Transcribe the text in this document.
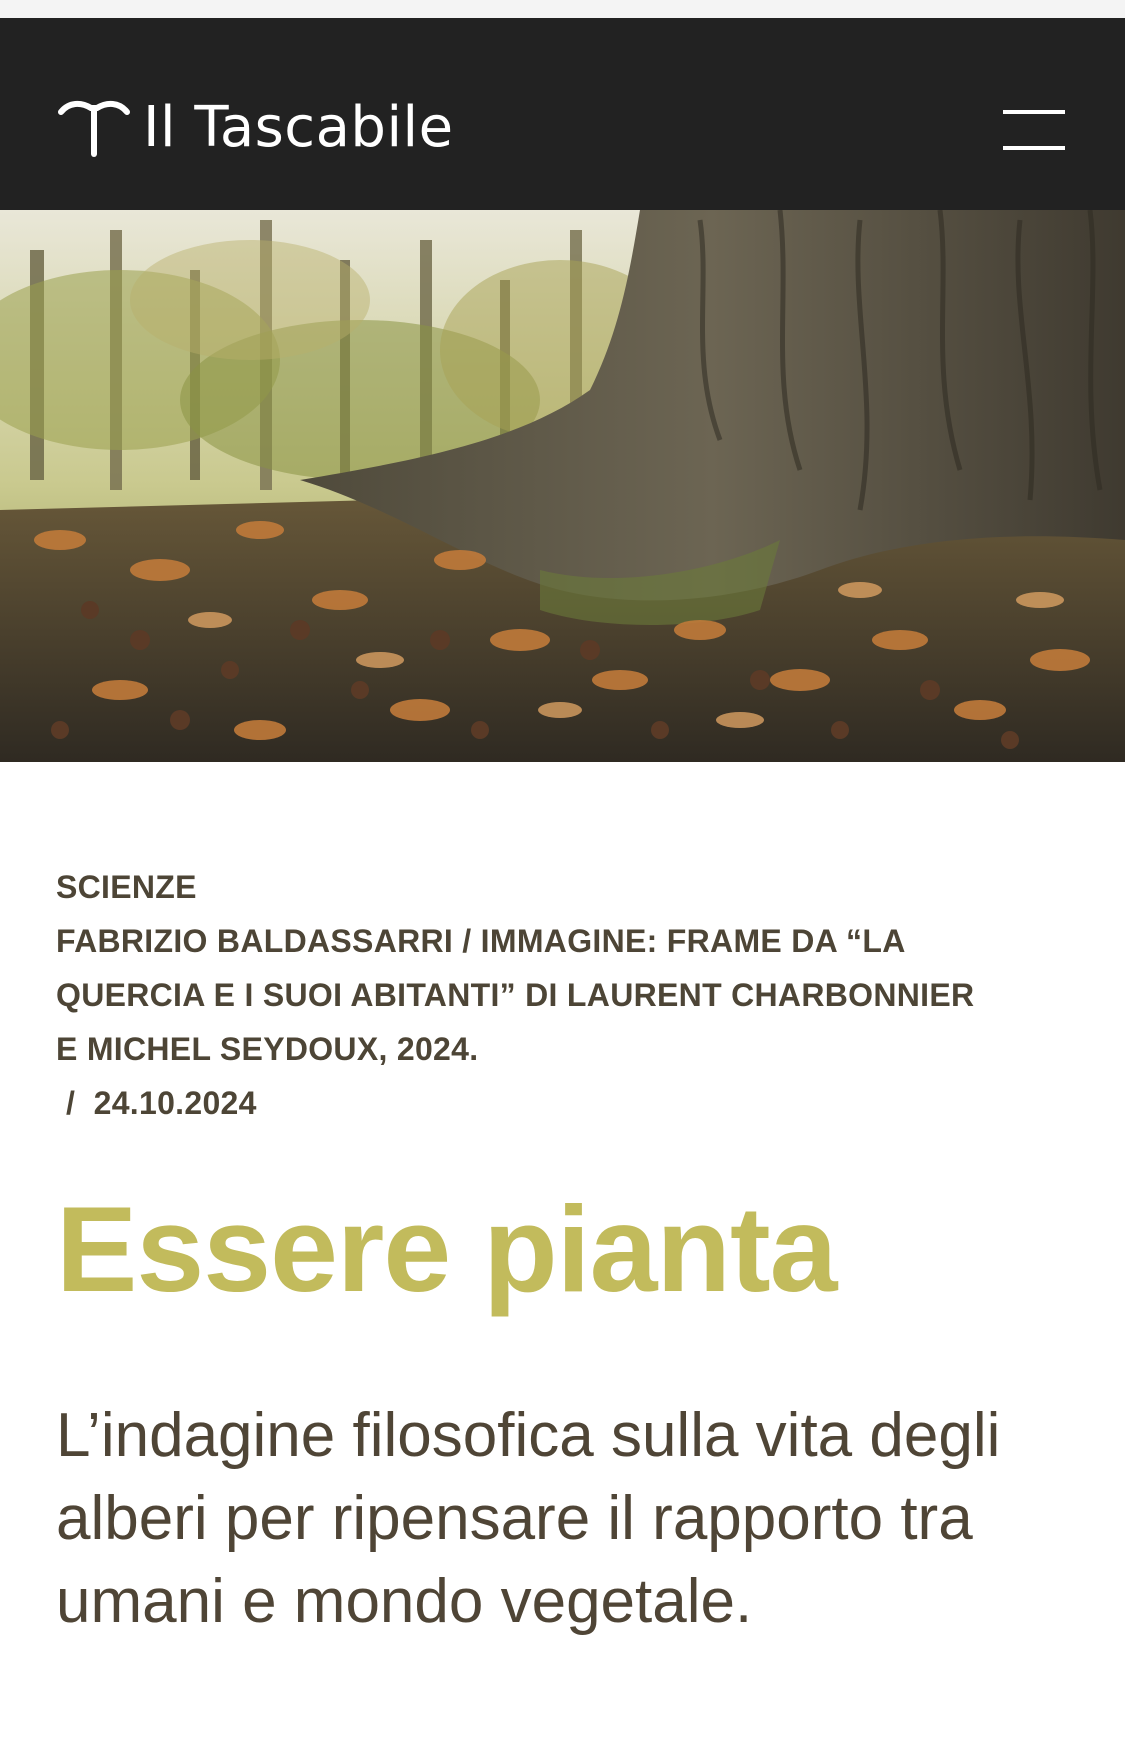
Il Tascabile
SCIENZE
FABRIZIO BALDASSARRI / IMMAGINE: FRAME DA “LA
QUERCIA E I SUOI ABITANTI” DI LAURENT CHARBONNIER
E MICHEL SEYDOUX, 2024.
/ 24.10.2024
Essere pianta

L’indagine filosofica sulla vita degli alberi per ripensare il rapporto tra umani e mondo vegetale.
